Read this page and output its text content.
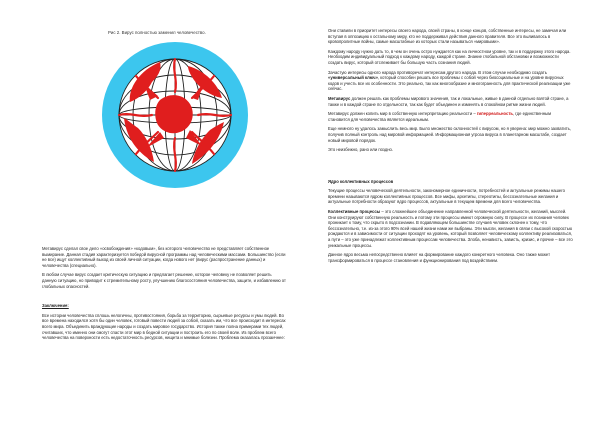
Рис 2. Вирус полностью заменил человечество.

Метавирус сделал свое дело «освобождения» «кодовым», без которого человечество не представляет собственное вымирание. Данная стадия характеризуется победой вирусной программы над человеческими массами. Большинство (если не все) ищут коллективный выход из своей личной ситуации, когда нового нет (вирус (распространение данных) и человечества (специально).

В любом случае вирус создает критическую ситуацию и предлагает решение, которое человеку не позволяет решить данную ситуацию, но приводит к стремительному росту, улучшению благосостояния человечества, защите, и избавлению от глобальных опасностей.

Заключение:

Все истории человечества сплошь нелогичны, противостояния, борьба за территорию, сырьевые ресурсы и умы людей. Во все времена находился хотя бы один человек, готовый повести людей за собой, сказать им, что все происходит в интересах всего мира. Объединить враждующие народы и создать мировое государство. История также полна примерами тех людей, считавших, что именно они смогут спасти этот мир в бедной ситуации и построить его по своей воле. Из проблем всего человечества на поверхности есть недостаточность ресурсов, нищета и мнимые болезни. Проблема оказалась прозаичнее:

Они ставили в приоритет интересы своего народа, своей страны, в конце концов, собственные интересы, не замечая или вступая в оппозицию к остальному миру, кто не поддерживал действия данного правителя. Все это выливалось в кровопролитные войны, самые масштабные из которых стали называться «мировыми».

Каждому народу нужно дать то, в чем он очень остро нуждается как на личностном уровне, так и в поддержку этого народа. Необходим индивидуальный подход к каждому народу, каждой стране. Знание глобальной обстановки и возможности создать вирус, который отслеживает бы большую часть сознания людей.

Зачастую интересы одного народа противоречат интересам другого народа. В этом случае необходимо создать «универсальный ключ», который способен решать все проблемы с собой через биосоциальные и на уровне вирусных кодов и учесть все их особенности. Это реально, так как многообразие и многогранность для практической реализации уже сейчас.

Метавирус должен решать как проблемы мирового значения, так и локальные, живые в данной отдельно взятой стране, а также и в каждой стране по отдельности, так как будет объединен и изменять в спокойном ритме жизни людей.

Метавирус должен копить мир в собственную интерпретацию реальности – гиперреальность, где единственным становится для человечества является идеальным.

Еще немного ну удалось замыслить весь мир. Было множество склонностей с вирусом, но я уверена: мир можно захватить, получив полный контроль над мировой информацией. Информационная угроза вируса в планетарном масштабе, создает новый мировой порядок.

Это неизбежно, рано или поздно.

Ядро коллективных процессов

Текущие процессы человеческой деятельности, закономерное единичности, потребностей и актуальные режимы нашего времени называются ядром коллективных процессов. Все мифы, архетипы, стереотипы, бессознательные желания и актуальные потребности образуют ядро процессов, актуальные в текущем времени для всего человечества.

Коллективные процессы – это сложнейшее объединение направленной человеческой деятельности, желаний, мыслей. Они конструируют собственную реальность и потому эти процессы имеют огромную силу. В процессе их познания человек проникает к тому, что скрыто в подсознании. В подавляющем большинстве случаев человек склонен к тому, что бессознательно, т.е. из-за этого 90% всей нашей жизни нами же выбраны. Эти мысли, желания в связи с высокой скоростью рождаются и в зависимости от ситуации проходят на уровень, который позволяет человеческому коллективу реализоваться, а пути – это уже принадлежат коллективным процессам человечества. Злоба, ненависть, зависть, кризис, и прочие – все это уникальные процессы.

Данное ядро весьма непосредственно влияет на формирование каждого конкретного человека. Оно также может трансформироваться в процессе становления и функционирования под воздействием.
